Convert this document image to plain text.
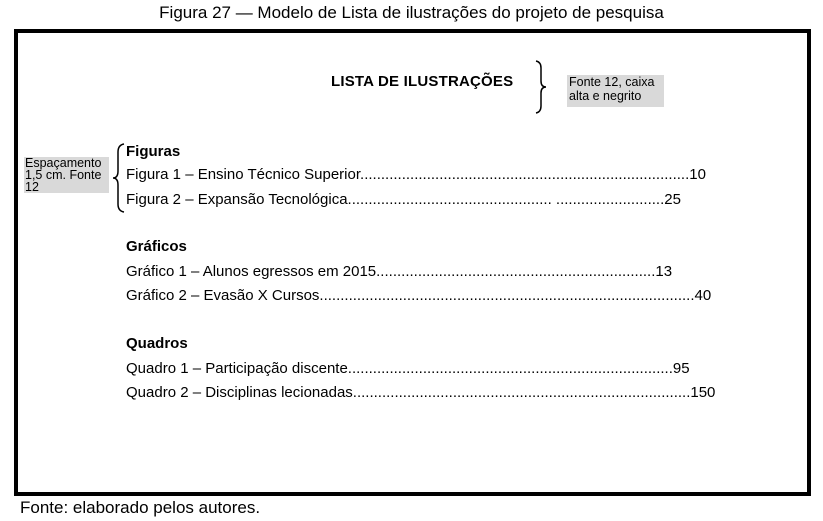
Figura 27 — Modelo de Lista de ilustrações do projeto de pesquisa
LISTA DE ILUSTRAÇÕES	Fonte 12, caixa alta e negrito
Espaçamento 1,5 cm. Fonte 12
Figuras
Figura 1 – Ensino Técnico Superior...............................................................................10
Figura 2 – Expansão Tecnológica................................................. ..........................25
Gráficos
Gráfico 1 – Alunos egressos em 2015...................................................................13
Gráfico 2 – Evasão X Cursos..........................................................................................40
Quadros
Quadro 1 – Participação discente..............................................................................95
Quadro 2 – Disciplinas lecionadas.................................................................................150
Fonte: elaborado pelos autores.
